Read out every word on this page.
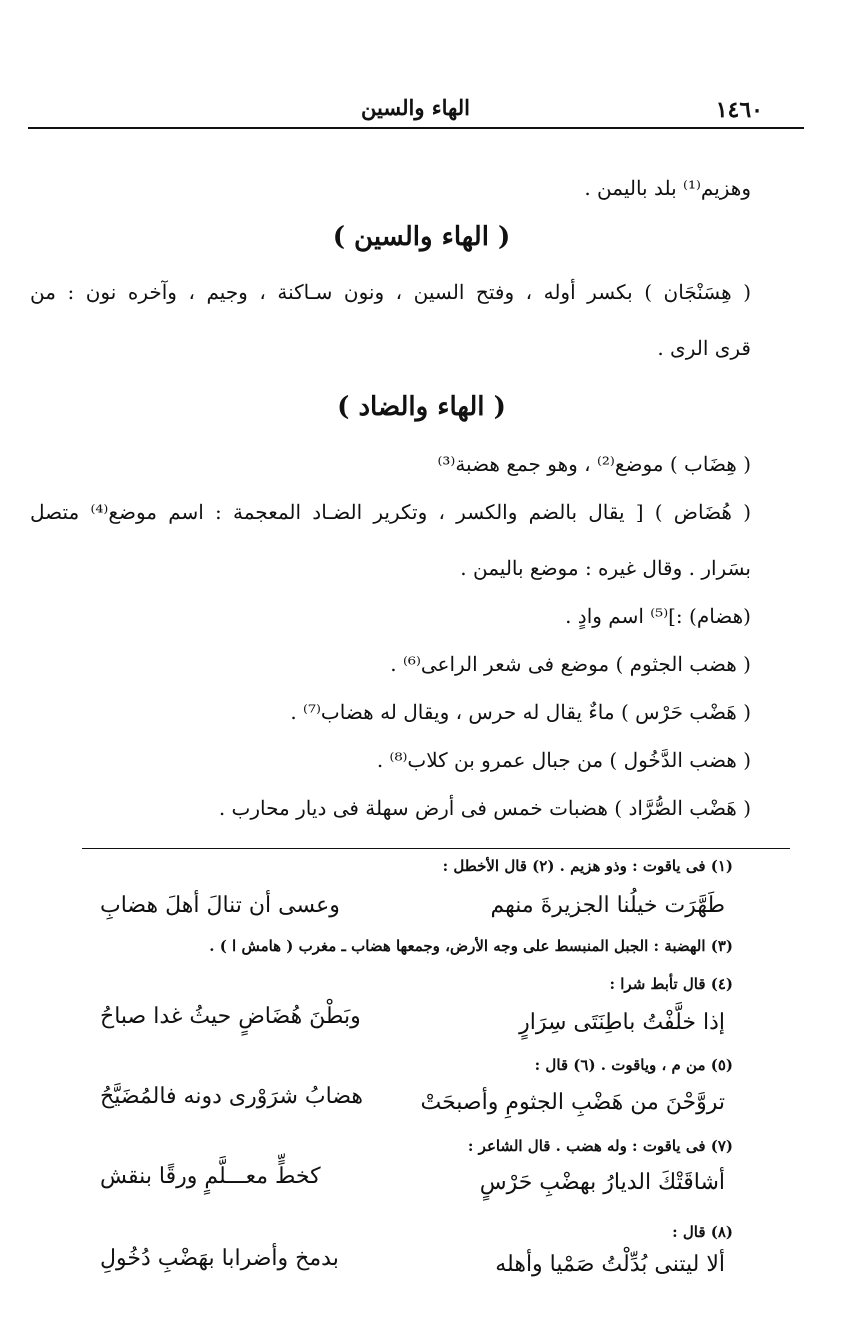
١٤٦٠
الهاء والسين
وهزيم⁽¹⁾ بلد باليمن .
( الهاء والسين )
( هِسَنْجَان ) بكسر أوله ، وفتح السين ، ونون سـاكنة ، وجيم ، وآخره نون : من
قرى الرى .
( الهاء والضاد )
( هِضَاب ) موضع⁽²⁾ ، وهو جمع هضبة⁽³⁾
( هُضَاض ) [ يقال بالضم والكسر ، وتكرير الضـاد المعجمة : اسم موضع⁽⁴⁾ متصل
بسَرار . وقال غيره : موضع باليمن .
(هضام) :]⁽⁵⁾ اسم وادٍ .
( هضب الجثوم ) موضع فى شعر الراعى⁽⁶⁾ .
( هَضْب حَرْس ) ماءٌ يقال له حرس ، ويقال له هضاب⁽⁷⁾ .
( هضب الدَّخُول ) من جبال عمرو بن كلاب⁽⁸⁾ .
( هَضْب الصُّرَّاد ) هضبات خمس فى أرض سهلة فى ديار محارب .
(١) فى ياقوت : وذو هزيم . (٢) قال الأخطل :
طَهَّرَت خيلُنا الجزيرةَ منهم
وعسى أن تنالَ أهلَ هضابِ
(٣) الهضبة : الجبل المنبسط على وجه الأرض، وجمعها هضاب ـ مغرب ( هامش ا ) .
(٤) قال تأبط شرا :
إذا خلَّفْتُ باطِنَتَى سِرَارٍ
وبَطْنَ هُضَاضٍ حيثُ غدا صباحُ
(٥) من م ، وياقوت . (٦) قال :
تروَّحْنَ من هَضْبِ الجثومِ وأصبحَتْ
هضابُ شرَوْرى دونه فالمُضَيَّحُ
(٧) فى ياقوت : وله هضب . قال الشاعر :
أشاقَتْكَ الديارُ بهضْبِ حَرْسٍ
كخطٍّ معـــلَّمٍ ورقًا بنقش
(٨) قال :
ألا ليتنى بُدِّلْتُ صَمْيا وأهله
بدمخ وأضرابا بهَضْبِ دُخُولِ
